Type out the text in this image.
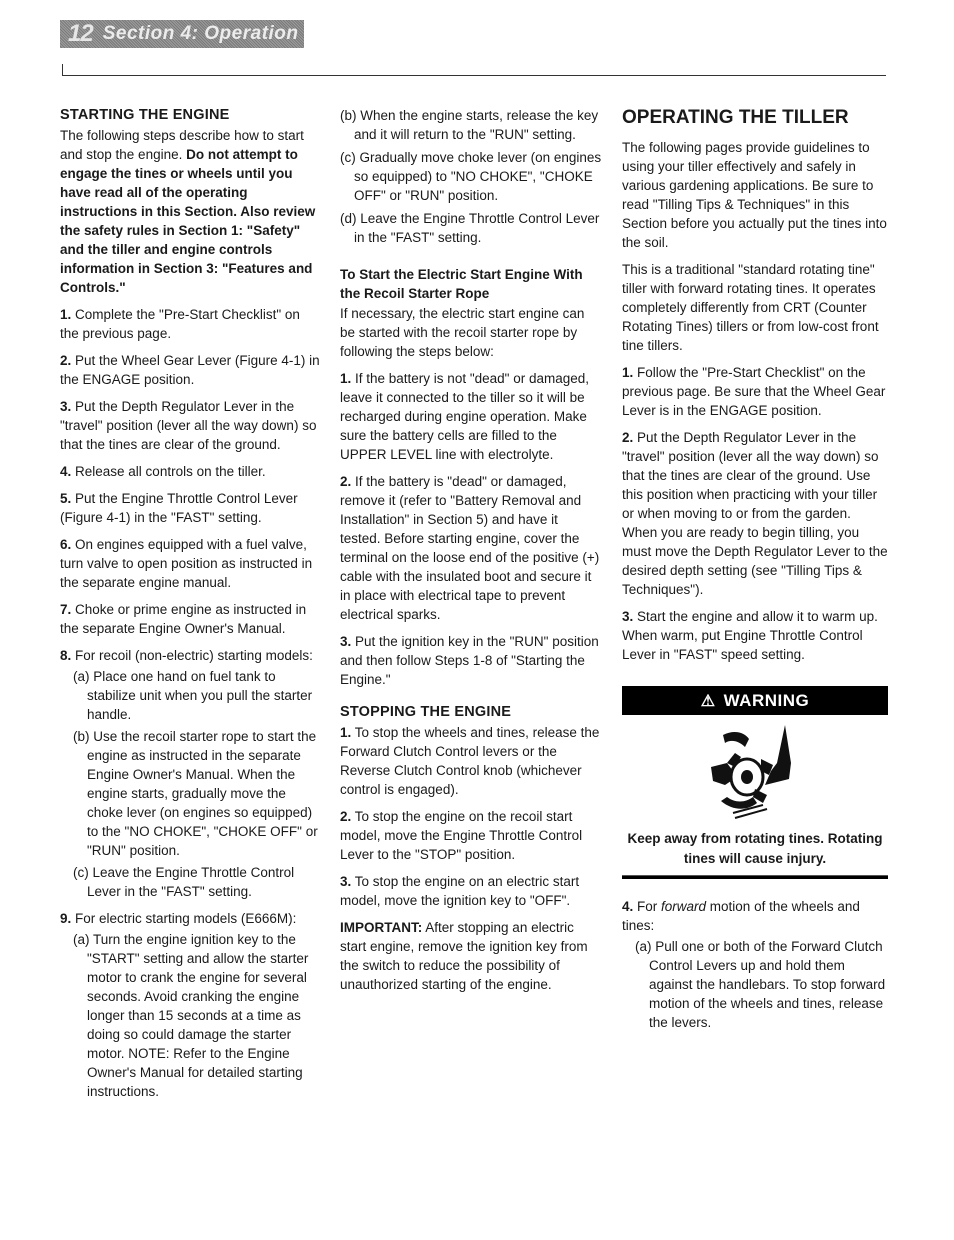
12 Section 4: Operation
STARTING THE ENGINE

The following steps describe how to start and stop the engine. Do not attempt to engage the tines or wheels until you have read all of the operating instructions in this Section. Also review the safety rules in Section 1: "Safety" and the tiller and engine controls information in Section 3: "Features and Controls."

1. Complete the "Pre-Start Checklist" on the previous page.

2. Put the Wheel Gear Lever (Figure 4-1) in the ENGAGE position.

3. Put the Depth Regulator Lever in the "travel" position (lever all the way down) so that the tines are clear of the ground.

4. Release all controls on the tiller.

5. Put the Engine Throttle Control Lever (Figure 4-1) in the "FAST" setting.

6. On engines equipped with a fuel valve, turn valve to open position as instructed in the separate engine manual.

7. Choke or prime engine as instructed in the separate Engine Owner's Manual.

8. For recoil (non-electric) starting models:

(a) Place one hand on fuel tank to stabilize unit when you pull the starter handle.
(b) Use the recoil starter rope to start the engine as instructed in the separate Engine Owner's Manual. When the engine starts, gradually move the choke lever (on engines so equipped) to the "NO CHOKE", "CHOKE OFF" or "RUN" position.
(c) Leave the Engine Throttle Control Lever in the "FAST" setting.

9. For electric starting models (E666M):

(a) Turn the engine ignition key to the "START" setting and allow the starter motor to crank the engine for several seconds. Avoid cranking the engine longer than 15 seconds at a time as doing so could damage the starter motor. NOTE: Refer to the Engine Owner's Manual for detailed starting instructions.
(b) When the engine starts, release the key and it will return to the "RUN" setting.
(c) Gradually move choke lever (on engines so equipped) to "NO CHOKE", "CHOKE OFF" or "RUN" position.
(d) Leave the Engine Throttle Control Lever in the "FAST" setting.
To Start the Electric Start Engine With the Recoil Starter Rope

If necessary, the electric start engine can be started with the recoil starter rope by following the steps below:

1. If the battery is not "dead" or damaged, leave it connected to the tiller so it will be recharged during engine operation. Make sure the battery cells are filled to the UPPER LEVEL line with electrolyte.

2. If the battery is "dead" or damaged, remove it (refer to "Battery Removal and Installation" in Section 5) and have it tested. Before starting engine, cover the terminal on the loose end of the positive (+) cable with the insulated boot and secure it in place with electrical tape to prevent electrical sparks.

3. Put the ignition key in the "RUN" position and then follow Steps 1-8 of "Starting the Engine."

STOPPING THE ENGINE

1. To stop the wheels and tines, release the Forward Clutch Control levers or the Reverse Clutch Control knob (whichever control is engaged).

2. To stop the engine on the recoil start model, move the Engine Throttle Control Lever to the "STOP" position.

3. To stop the engine on an electric start model, move the ignition key to "OFF".

IMPORTANT: After stopping an electric start engine, remove the ignition key from the switch to reduce the possibility of unauthorized starting of the engine.

OPERATING THE TILLER

The following pages provide guidelines to using your tiller effectively and safely in various gardening applications. Be sure to read "Tilling Tips & Techniques" in this Section before you actually put the tines into the soil.

This is a traditional "standard rotating tine" tiller with forward rotating tines. It operates completely differently from CRT (Counter Rotating Tines) tillers or from low-cost front tine tillers.

1. Follow the "Pre-Start Checklist" on the previous page. Be sure that the Wheel Gear Lever is in the ENGAGE position.

2. Put the Depth Regulator Lever in the "travel" position (lever all the way down) so that the tines are clear of the ground. Use this position when practicing with your tiller or when moving to or from the garden. When you are ready to begin tilling, you must move the Depth Regulator Lever to the desired depth setting (see "Tilling Tips & Techniques").

3. Start the engine and allow it to warm up. When warm, put Engine Throttle Control Lever in "FAST" speed setting.

⚠ WARNING

Keep away from rotating tines. Rotating tines will cause injury.

4. For forward motion of the wheels and tines:

(a) Pull one or both of the Forward Clutch Control Levers up and hold them against the handlebars. To stop forward motion of the wheels and tines, release the levers.
